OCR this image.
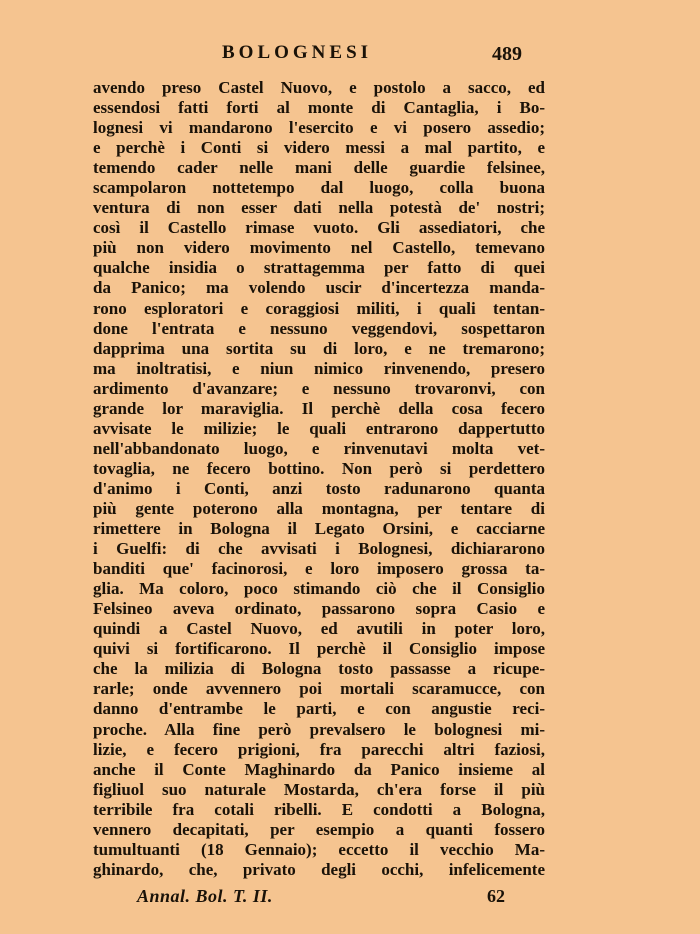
BOLOGNESI	489
avendo preso Castel Nuovo, e postolo a sacco, ed
essendosi fatti forti al monte di Cantaglia, i Bo-
lognesi vi mandarono l'esercito e vi posero assedio;
e perchè i Conti si videro messi a mal partito, e
temendo cader nelle mani delle guardie felsinee,
scampolaron nottetempo dal luogo, colla buona
ventura di non esser dati nella potestà de' nostri;
così il Castello rimase vuoto. Gli assediatori, che
più non videro movimento nel Castello, temevano
qualche insidia o strattagemma per fatto di quei
da Panico; ma volendo uscir d'incertezza manda-
rono esploratori e coraggiosi militi, i quali tentan-
done l'entrata e nessuno veggendovi, sospettaron
dapprima una sortita su di loro, e ne tremarono;
ma inoltratisi, e niun nimico rinvenendo, presero
ardimento d'avanzare; e nessuno trovaronvi, con
grande lor maraviglia. Il perchè della cosa fecero
avvisate le milizie; le quali entrarono dappertutto
nell'abbandonato luogo, e rinvenutavi molta vet-
tovaglia, ne fecero bottino. Non però si perdettero
d'animo i Conti, anzi tosto radunarono quanta
più gente poterono alla montagna, per tentare di
rimettere in Bologna il Legato Orsini, e cacciarne
i Guelfi: di che avvisati i Bolognesi, dichiararono
banditi que' facinorosi, e loro imposero grossa ta-
glia. Ma coloro, poco stimando ciò che il Consiglio
Felsineo aveva ordinato, passarono sopra Casio e
quindi a Castel Nuovo, ed avutili in poter loro,
quivi si fortificarono. Il perchè il Consiglio impose
che la milizia di Bologna tosto passasse a ricupe-
rarle; onde avvennero poi mortali scaramucce, con
danno d'entrambe le parti, e con angustie reci-
proche. Alla fine però prevalsero le bolognesi mi-
lizie, e fecero prigioni, fra parecchi altri faziosi,
anche il Conte Maghinardo da Panico insieme al
figliuol suo naturale Mostarda, ch'era forse il più
terribile fra cotali ribelli. E condotti a Bologna,
vennero decapitati, per esempio a quanti fossero
tumultuanti (18 Gennaio); eccetto il vecchio Ma-
ghinardo, che, privato degli occhi, infelicemente
Annal. Bol. T. II.	62
